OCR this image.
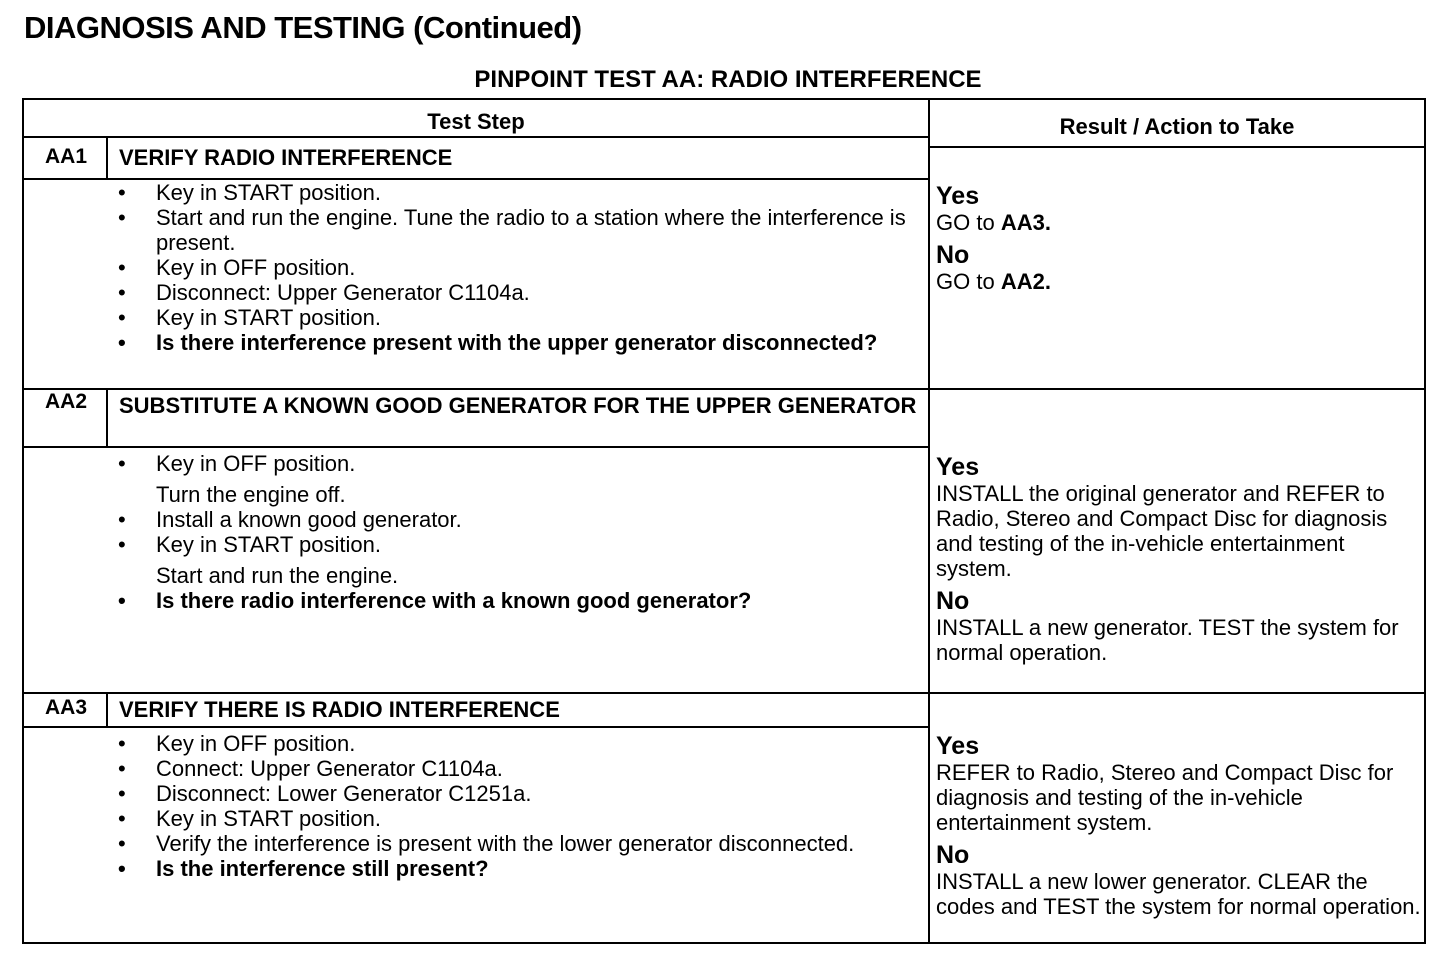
DIAGNOSIS AND TESTING (Continued)
PINPOINT TEST AA: RADIO INTERFERENCE
Test Step	Result / Action to Take
AA1	VERIFY RADIO INTERFERENCE
• Key in START position.
• Start and run the engine. Tune the radio to a station where the interference is present.
• Key in OFF position.
• Disconnect: Upper Generator C1104a.
• Key in START position.
• Is there interference present with the upper generator disconnected?
Yes
GO to AA3.
No
GO to AA2.
AA2	SUBSTITUTE A KNOWN GOOD GENERATOR FOR THE UPPER GENERATOR
• Key in OFF position.
Turn the engine off.
• Install a known good generator.
• Key in START position.
Start and run the engine.
• Is there radio interference with a known good generator?
Yes
INSTALL the original generator and REFER to Radio, Stereo and Compact Disc for diagnosis and testing of the in-vehicle entertainment system.
No
INSTALL a new generator. TEST the system for normal operation.
AA3	VERIFY THERE IS RADIO INTERFERENCE
• Key in OFF position.
• Connect: Upper Generator C1104a.
• Disconnect: Lower Generator C1251a.
• Key in START position.
• Verify the interference is present with the lower generator disconnected.
• Is the interference still present?
Yes
REFER to Radio, Stereo and Compact Disc for diagnosis and testing of the in-vehicle entertainment system.
No
INSTALL a new lower generator. CLEAR the codes and TEST the system for normal operation.
